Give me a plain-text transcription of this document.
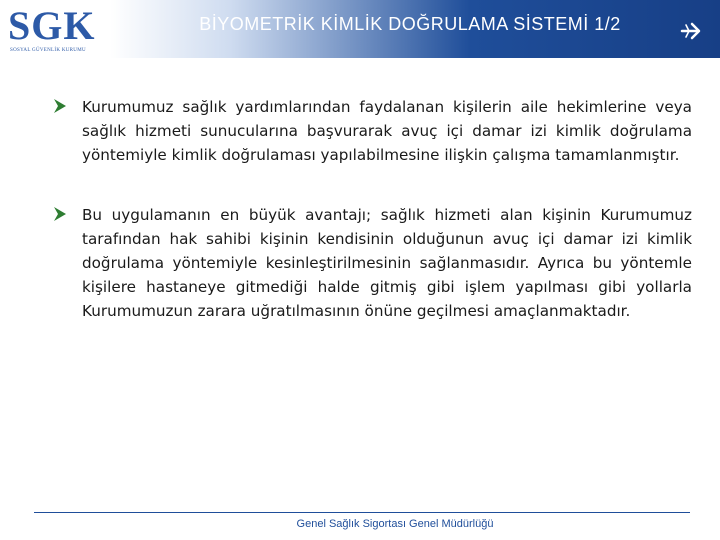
SGK
SOSYAL GÜVENLİK KURUMU
BİYOMETRİK KİMLİK DOĞRULAMA SİSTEMİ 1/2
Kurumumuz sağlık yardımlarından faydalanan kişilerin aile hekimlerine veya sağlık hizmeti sunucularına başvurarak avuç içi damar izi kimlik doğrulama yöntemiyle kimlik doğrulaması yapılabilmesine ilişkin çalışma tamamlanmıştır.
Bu uygulamanın en büyük avantajı; sağlık hizmeti alan kişinin Kurumumuz tarafından hak sahibi kişinin kendisinin olduğunun avuç içi damar izi kimlik doğrulama yöntemiyle kesinleştirilmesinin sağlanmasıdır. Ayrıca bu yöntemle kişilere hastaneye gitmediği halde gitmiş gibi işlem yapılması gibi yollarla Kurumumuzun zarara uğratılmasının önüne geçilmesi amaçlanmaktadır.
Genel Sağlık Sigortası Genel Müdürlüğü
